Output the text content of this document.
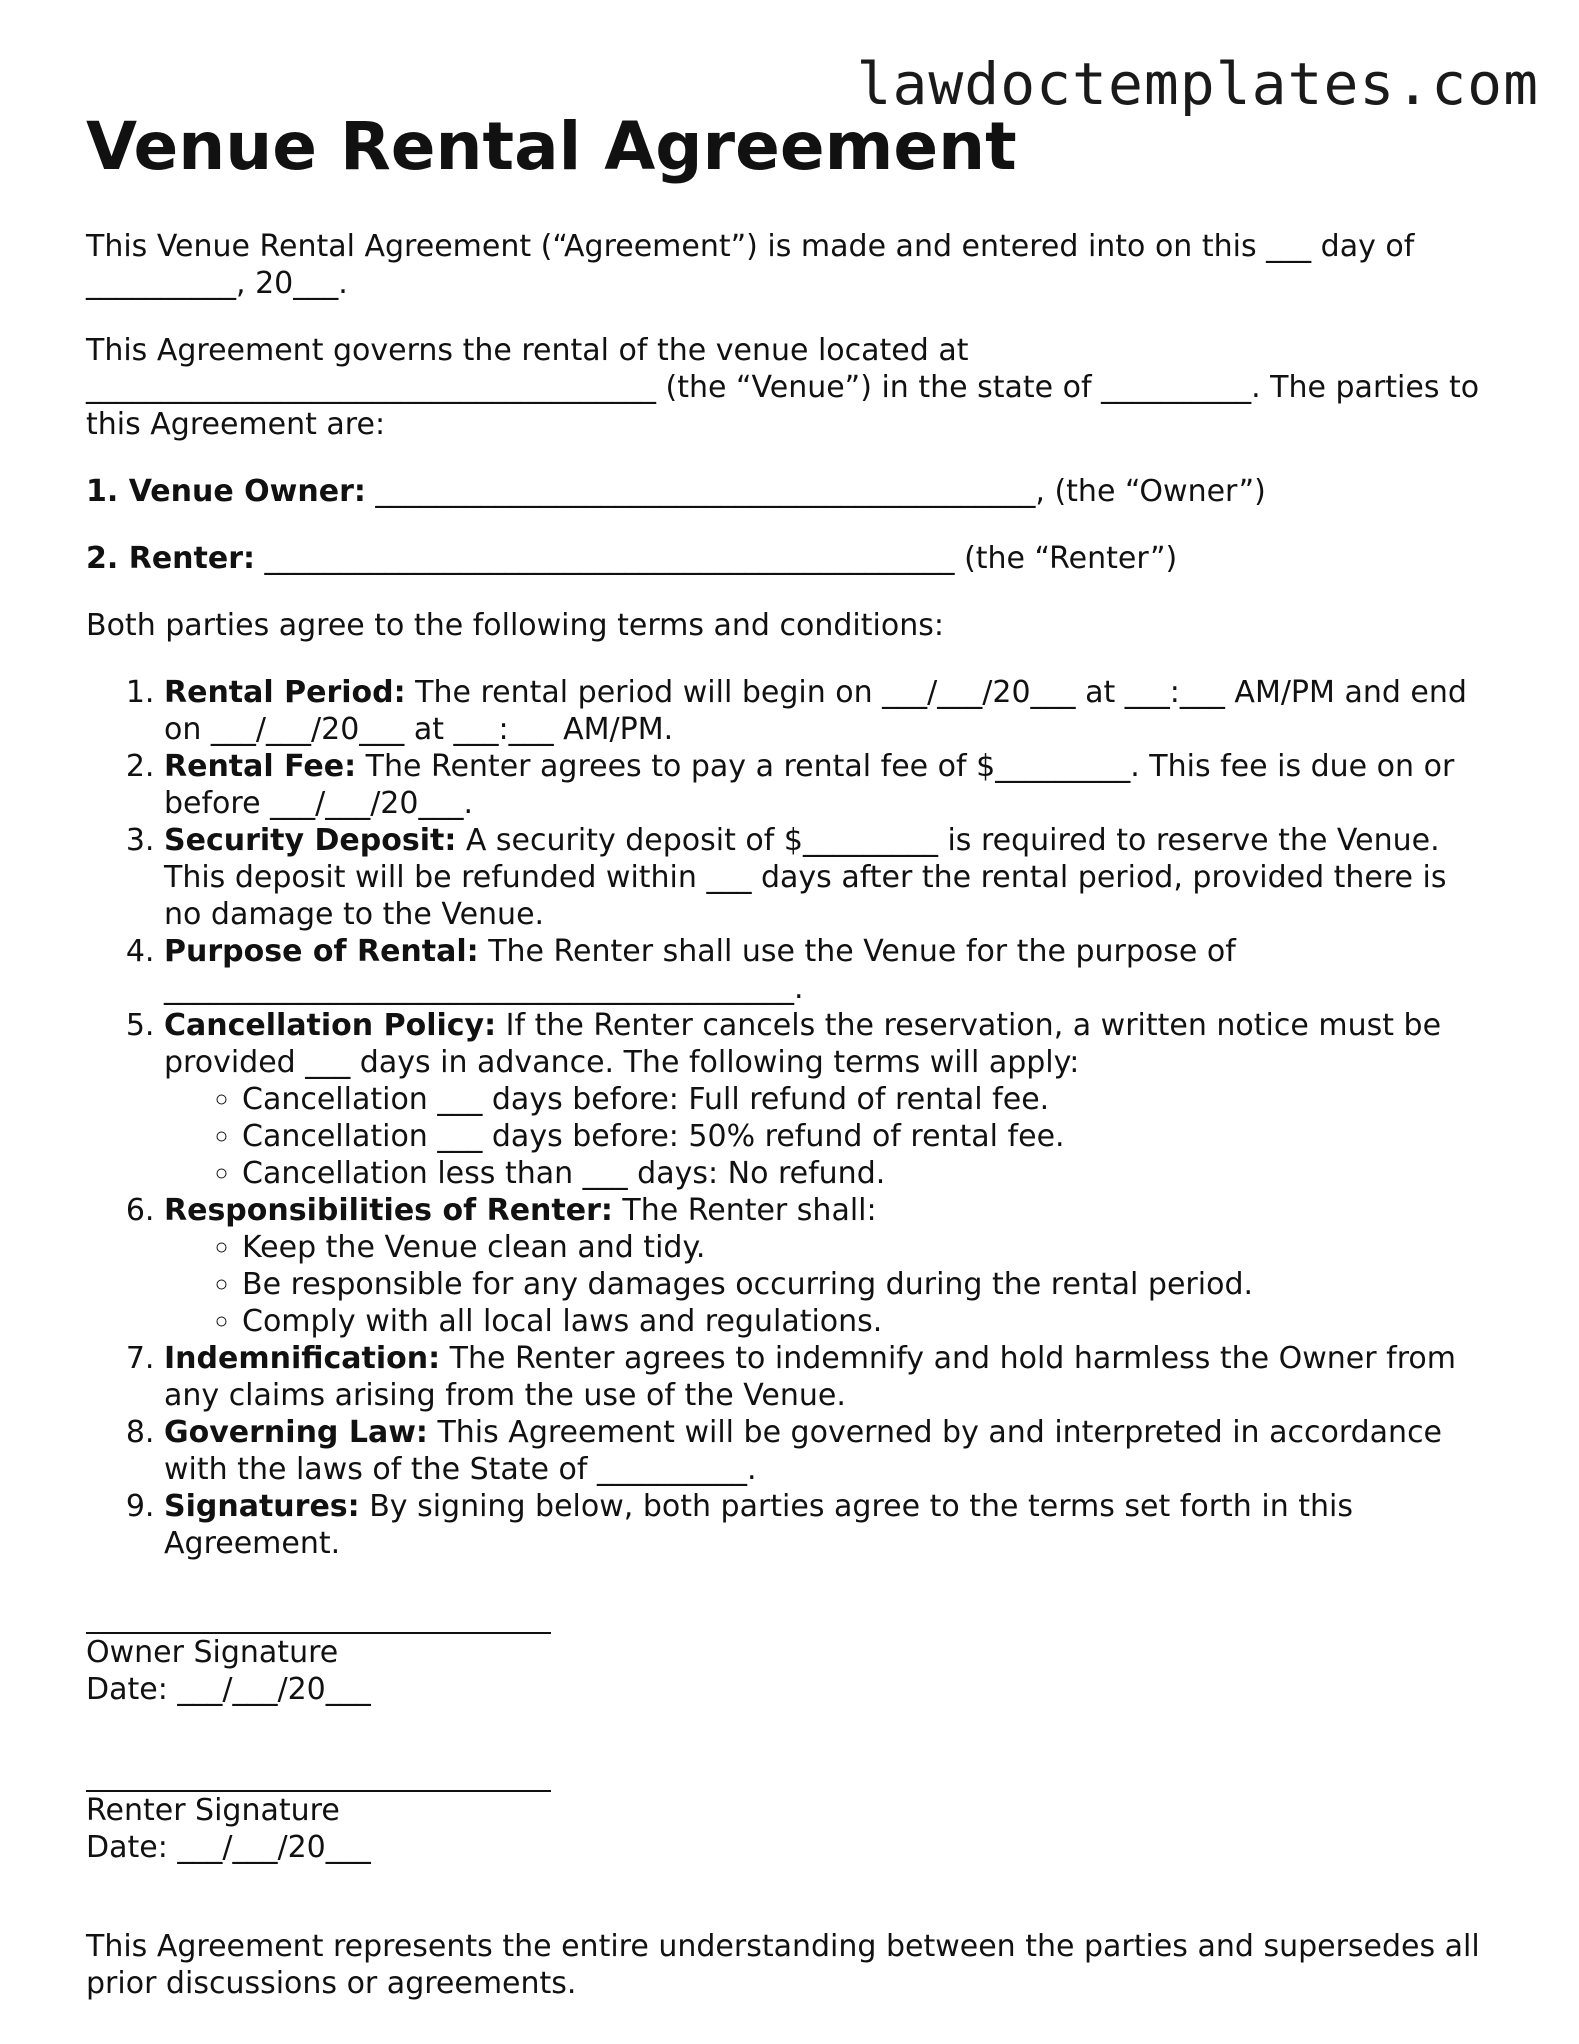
lawdoctemplates.com
Venue Rental Agreement

This Venue Rental Agreement (“Agreement”) is made and entered into on this ___ day of __________, 20___.

This Agreement governs the rental of the venue located at ______________________________________ (the “Venue”) in the state of __________. The parties to this Agreement are:

1. Venue Owner: ____________________________________________, (the “Owner”)
2. Renter: ______________________________________________ (the “Renter”)

Both parties agree to the following terms and conditions:

1. Rental Period: The rental period will begin on ___/___/20___ at ___:___ AM/PM and end on ___/___/20___ at ___:___ AM/PM.
2. Rental Fee: The Renter agrees to pay a rental fee of $_________. This fee is due on or before ___/___/20___.
3. Security Deposit: A security deposit of $_________ is required to reserve the Venue. This deposit will be refunded within ___ days after the rental period, provided there is no damage to the Venue.
4. Purpose of Rental: The Renter shall use the Venue for the purpose of __________________________________________.
5. Cancellation Policy: If the Renter cancels the reservation, a written notice must be provided ___ days in advance. The following terms will apply:
◦ Cancellation ___ days before: Full refund of rental fee.
◦ Cancellation ___ days before: 50% refund of rental fee.
◦ Cancellation less than ___ days: No refund.
6. Responsibilities of Renter: The Renter shall:
◦ Keep the Venue clean and tidy.
◦ Be responsible for any damages occurring during the rental period.
◦ Comply with all local laws and regulations.
7. Indemnification: The Renter agrees to indemnify and hold harmless the Owner from any claims arising from the use of the Venue.
8. Governing Law: This Agreement will be governed by and interpreted in accordance with the laws of the State of __________.
9. Signatures: By signing below, both parties agree to the terms set forth in this Agreement.
Owner Signature
Date: ___/___/20___
Renter Signature
Date: ___/___/20___

This Agreement represents the entire understanding between the parties and supersedes all prior discussions or agreements.
